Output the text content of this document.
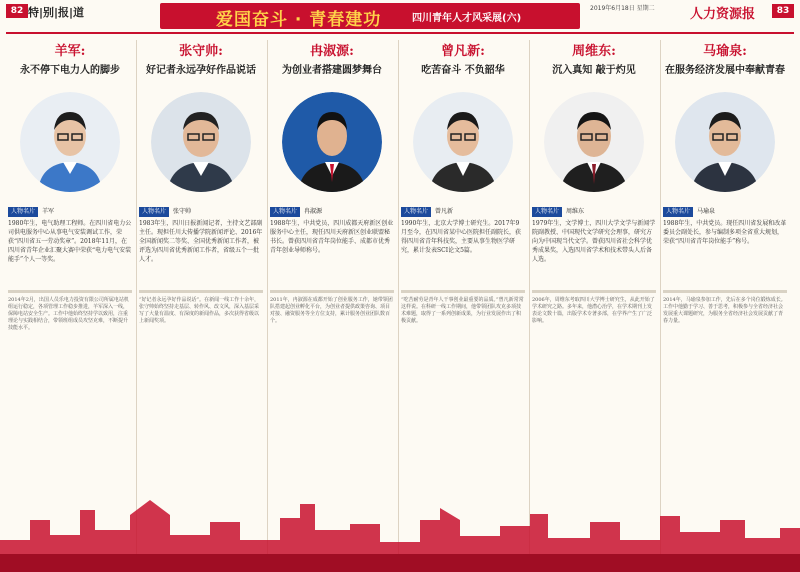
82 特|别|报|道	爱国奋斗 · 青春建功	四川青年人才风采展(六)
2019年6月18日 星期二	人力资源报	83
羊军:
永不停下电力人的脚步
人物名片 羊军
1980年生，电气助理工程师。在四川省电力公司供电服务中心从事电气安装调试工作，荣获“四川省五一劳动奖章”。2018年11月，在四川省青年企业汇聚大赛中荣获“电力电气安装能手”个人一等奖。
2014年2月，出国人员乐电力投资有限公司所属电站机组运行稳定，各项管理工作稳步推进，羊军深入一线，保障电站安全生产。工作中他始终坚持学以致用，注重理论与实践相结合，带领班组成员攻坚克难，不断提升技能水平。
张守帅:
好记者永远孕好作品说话
人物名片 张守帅
1983年生，四川日报新闻记者，主持文艺部副主任。现担任川大传播学院新闻评论、2016年全国新闻奖二等奖、全国优秀新闻工作者，被评选为四川省优秀新闻工作者，省级五个一批人才。
“好记者永远孕好作品说话”。在新闻一线工作十余年，张守帅始终坚持走基层、转作风、改文风，深入基层采写了大量有温度、有深度的新闻作品，多次获得省级以上新闻奖项。
冉淑源:
为创业者搭建圆梦舞台
人物名片 冉淑源
1988年生，中共党员，四川成都天府新区创业服务中心主任，现任四川天府新区创业联盟秘书长。曾获四川省青年岗位能手、成都市优秀青年创业导师称号。
2011年，冉淑源在成都开始了创业服务工作，她带领团队搭建起创业孵化平台，为创业者提供政策咨询、项目对接、融资服务等全方位支持，累计服务创业团队数百个。
曾凡新:
吃苦奋斗 不负韶华
人物名片 曾凡新
1990年生，北京大学博士研究生。2017年9月至今，在四川省某中心医院担任副院长，获得四川省青年科技奖，主要从事生物医学研究，累计发表SCI论文5篇。
“吃苦耐劳是青年人干事创业最重要的品质。”曾凡新常常这样说。在科研一线工作期间，他带领团队攻克多项技术难题，取得了一系列创新成果，为行业发展作出了积极贡献。
周维东:
沉入真知 敲于灼见
人物名片 周维东
1979年生，文学博士，四川大学文学与新闻学院副教授、中国现代文学研究会理事，研究方向为中国现当代文学。曾获四川省社会科学优秀成果奖，入选四川省学术和技术带头人后备人选。
2006年，周维东考取四川大学博士研究生，从此开始了学术研究之路。多年来，他潜心治学，在学术期刊上发表论文数十篇，出版学术专著多部，在学界产生了广泛影响。
马瑜泉:
在服务经济发展中奉献青春
人物名片 马瑜泉
1988年生，中共党员。现任四川省发展和改革委员会副处长，参与编制多项全省重大规划，荣获“四川省青年岗位能手”称号。
2014年，马瑜泉参加工作，先后在多个岗位锻炼成长。工作中他勤于学习、善于思考，积极参与全省经济社会发展重大课题研究，为服务全省经济社会发展贡献了青春力量。
